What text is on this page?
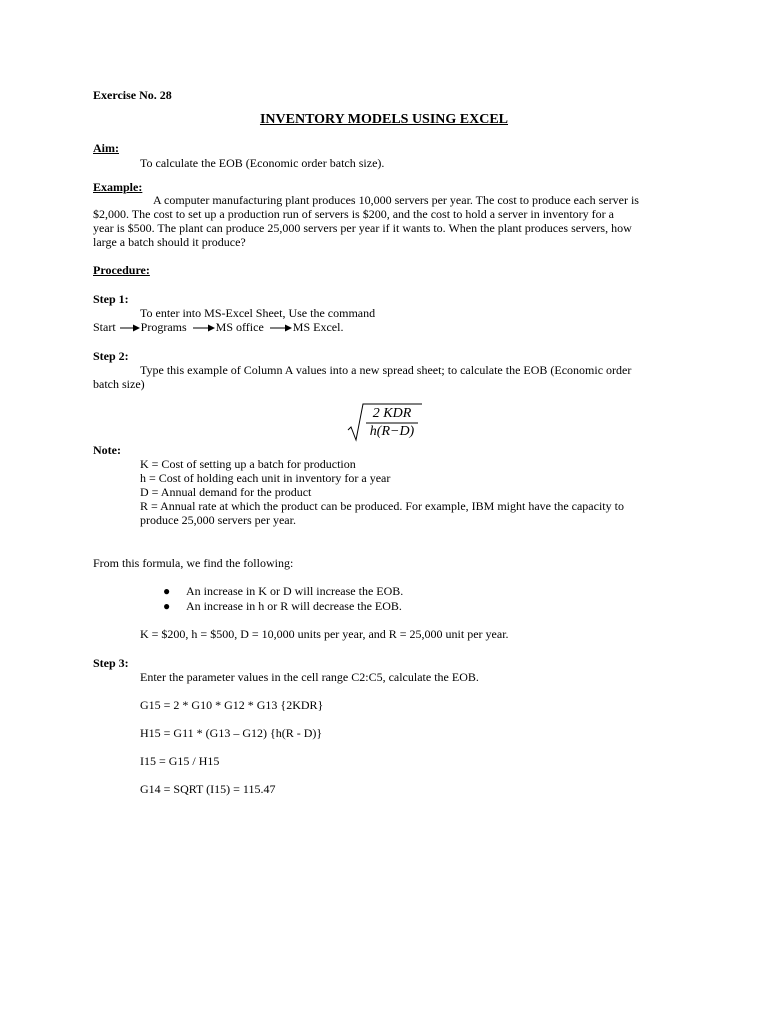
Exercise No. 28
INVENTORY MODELS USING EXCEL
Aim:
To calculate the EOB (Economic order batch size).
Example:
A computer manufacturing plant produces 10,000 servers per year. The cost to produce each server is
$2,000. The cost to set up a production run of servers is $200, and the cost to hold a server in inventory for a
year is $500. The plant can produce 25,000 servers per year if it wants to. When the plant produces servers, how
large a batch should it produce?
Procedure:
Step 1:
To enter into MS-Excel Sheet, Use the command
Start Programs MS office MS Excel.
Step 2:
Type this example of Column A values into a new spread sheet; to calculate the EOB (Economic order
batch size)
2 KDR
h(R−D)
Note:
K = Cost of setting up a batch for production
h = Cost of holding each unit in inventory for a year
D = Annual demand for the product
R = Annual rate at which the product can be produced. For example, IBM might have the capacity to
produce 25,000 servers per year.
From this formula, we find the following:
● An increase in K or D will increase the EOB.
● An increase in h or R will decrease the EOB.
K = $200, h = $500, D = 10,000 units per year, and R = 25,000 unit per year.
Step 3:
Enter the parameter values in the cell range C2:C5, calculate the EOB.
G15 = 2 * G10 * G12 * G13 {2KDR}
H15 = G11 * (G13 – G12) {h(R - D)}
I15 = G15 / H15
G14 = SQRT (I15) = 115.47
